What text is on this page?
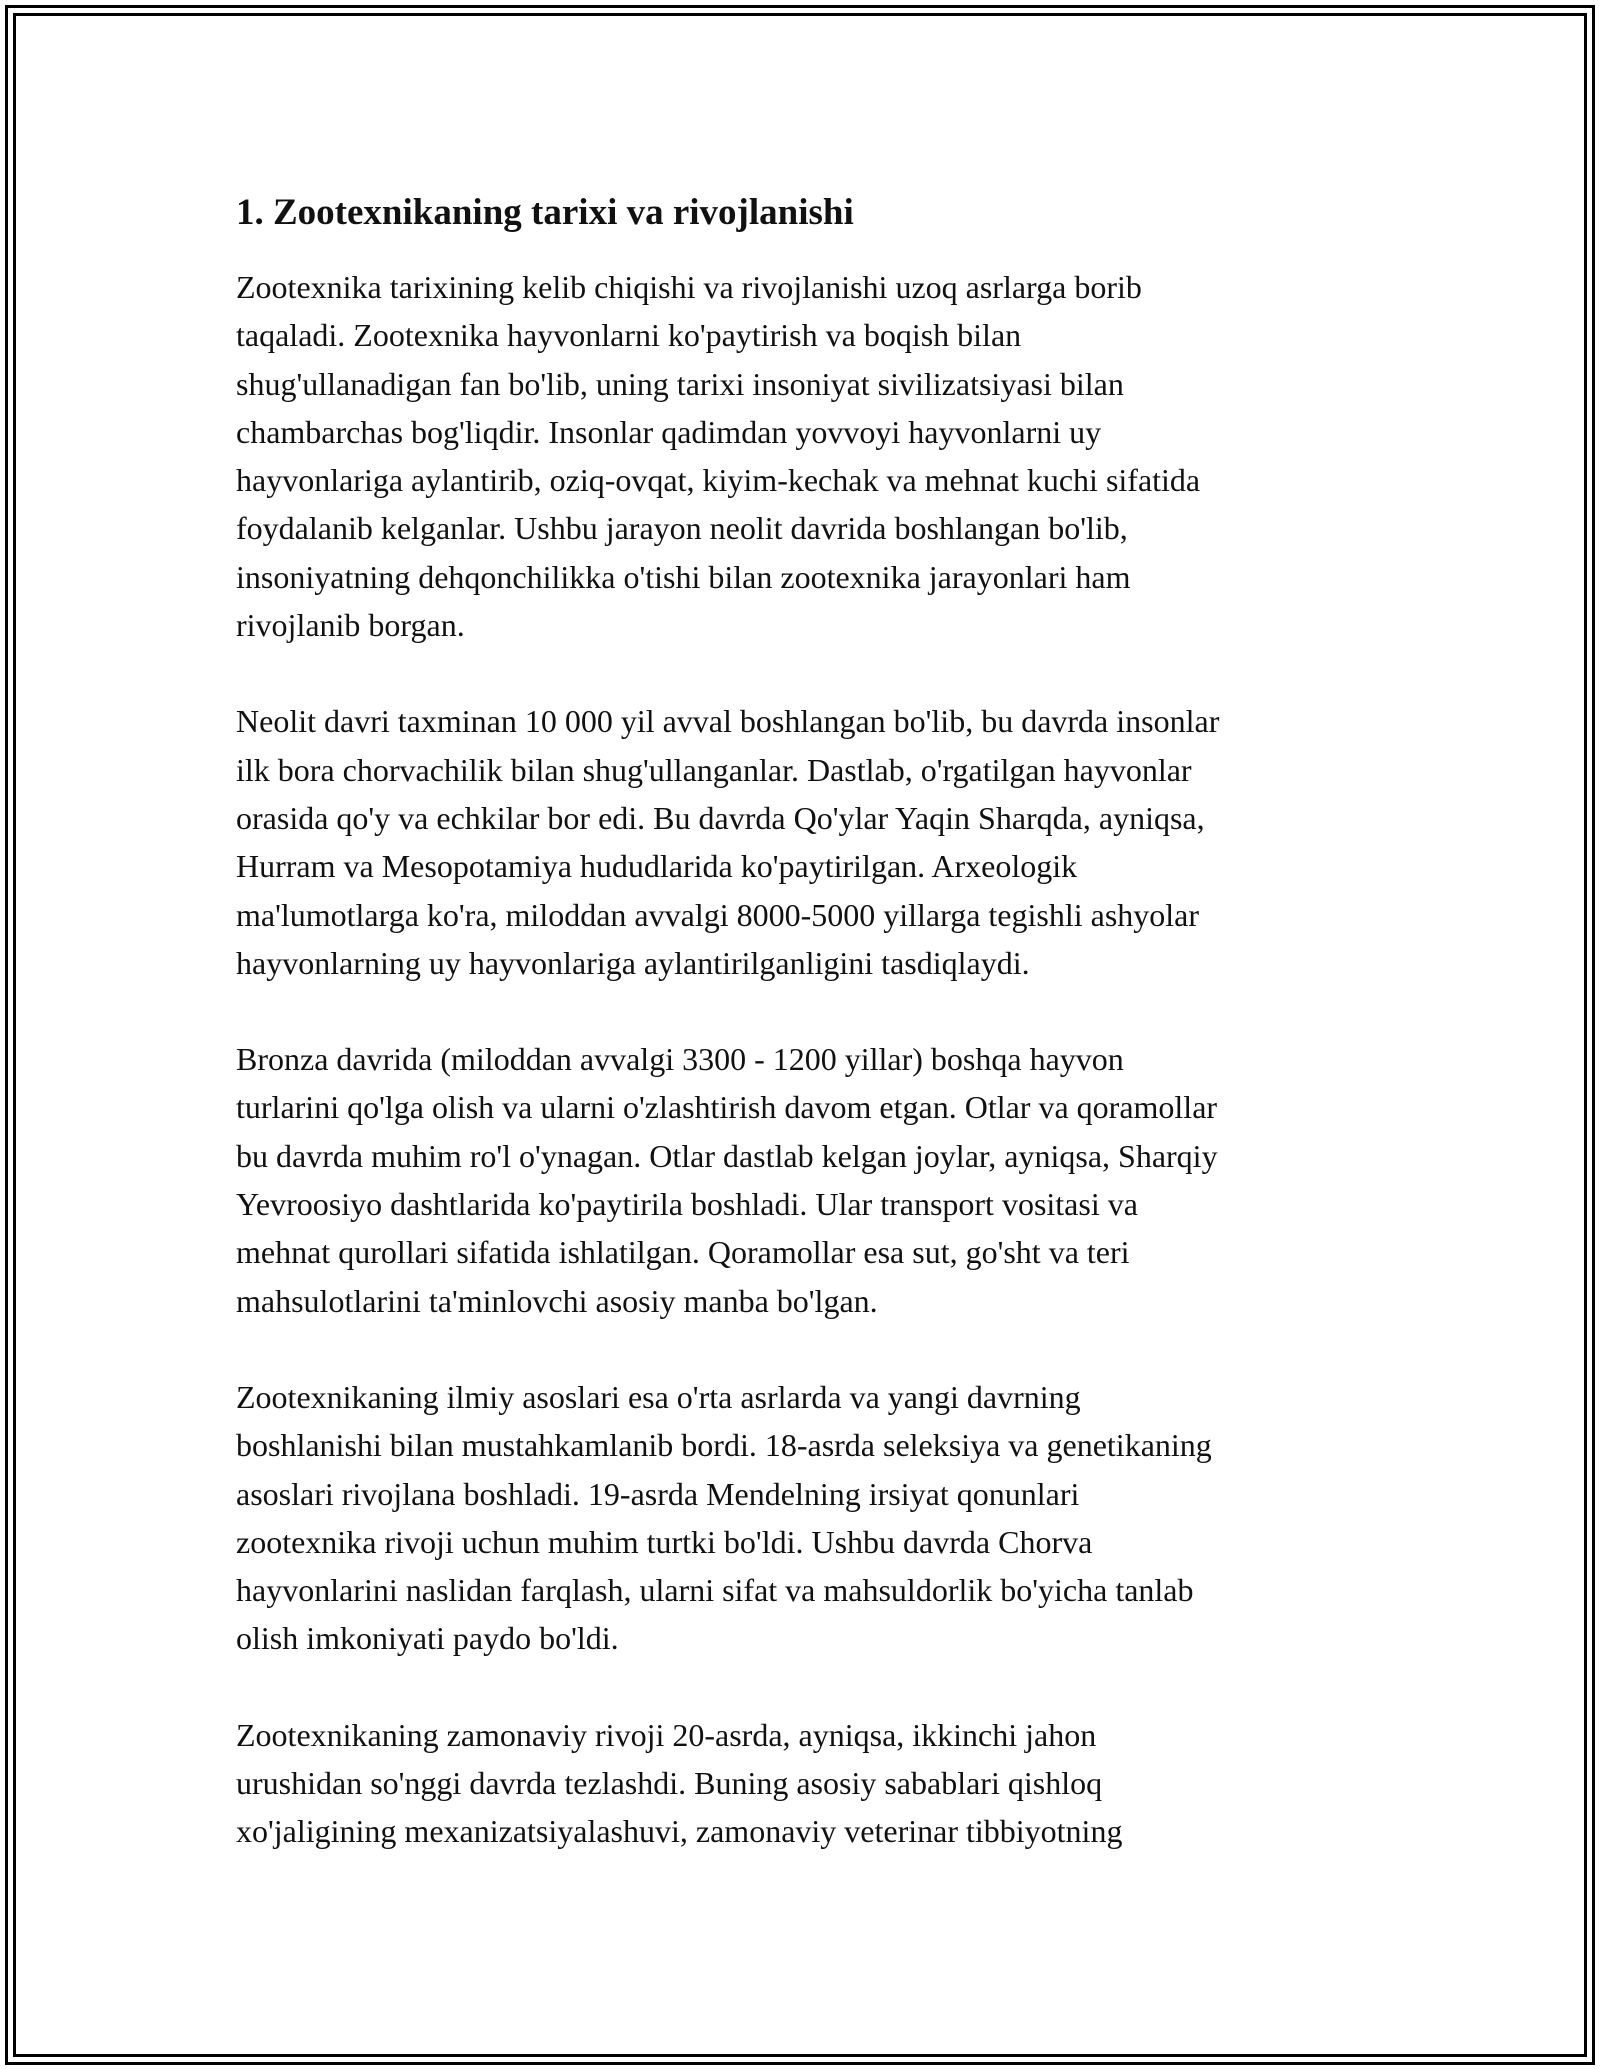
1. Zootexnikaning tarixi va rivojlanishi

Zootexnika tarixining kelib chiqishi va rivojlanishi uzoq asrlarga borib
taqaladi. Zootexnika hayvonlarni ko'paytirish va boqish bilan
shug'ullanadigan fan bo'lib, uning tarixi insoniyat sivilizatsiyasi bilan
chambarchas bog'liqdir. Insonlar qadimdan yovvoyi hayvonlarni uy
hayvonlariga aylantirib, oziq-ovqat, kiyim-kechak va mehnat kuchi sifatida
foydalanib kelganlar. Ushbu jarayon neolit davrida boshlangan bo'lib,
insoniyatning dehqonchilikka o'tishi bilan zootexnika jarayonlari ham
rivojlanib borgan.

Neolit davri taxminan 10 000 yil avval boshlangan bo'lib, bu davrda insonlar
ilk bora chorvachilik bilan shug'ullanganlar. Dastlab, o'rgatilgan hayvonlar
orasida qo'y va echkilar bor edi. Bu davrda Qo'ylar Yaqin Sharqda, ayniqsa,
Hurram va Mesopotamiya hududlarida ko'paytirilgan. Arxeologik
ma'lumotlarga ko'ra, miloddan avvalgi 8000-5000 yillarga tegishli ashyolar
hayvonlarning uy hayvonlariga aylantirilganligini tasdiqlaydi.

Bronza davrida (miloddan avvalgi 3300 - 1200 yillar) boshqa hayvon
turlarini qo'lga olish va ularni o'zlashtirish davom etgan. Otlar va qoramollar
bu davrda muhim ro'l o'ynagan. Otlar dastlab kelgan joylar, ayniqsa, Sharqiy
Yevroosiyo dashtlarida ko'paytirila boshladi. Ular transport vositasi va
mehnat qurollari sifatida ishlatilgan. Qoramollar esa sut, go'sht va teri
mahsulotlarini ta'minlovchi asosiy manba bo'lgan.

Zootexnikaning ilmiy asoslari esa o'rta asrlarda va yangi davrning
boshlanishi bilan mustahkamlanib bordi. 18-asrda seleksiya va genetikaning
asoslari rivojlana boshladi. 19-asrda Mendelning irsiyat qonunlari
zootexnika rivoji uchun muhim turtki bo'ldi. Ushbu davrda Chorva
hayvonlarini naslidan farqlash, ularni sifat va mahsuldorlik bo'yicha tanlab
olish imkoniyati paydo bo'ldi.

Zootexnikaning zamonaviy rivoji 20-asrda, ayniqsa, ikkinchi jahon
urushidan so'nggi davrda tezlashdi. Buning asosiy sabablari qishloq
xo'jaligining mexanizatsiyalashuvi, zamonaviy veterinar tibbiyotning
